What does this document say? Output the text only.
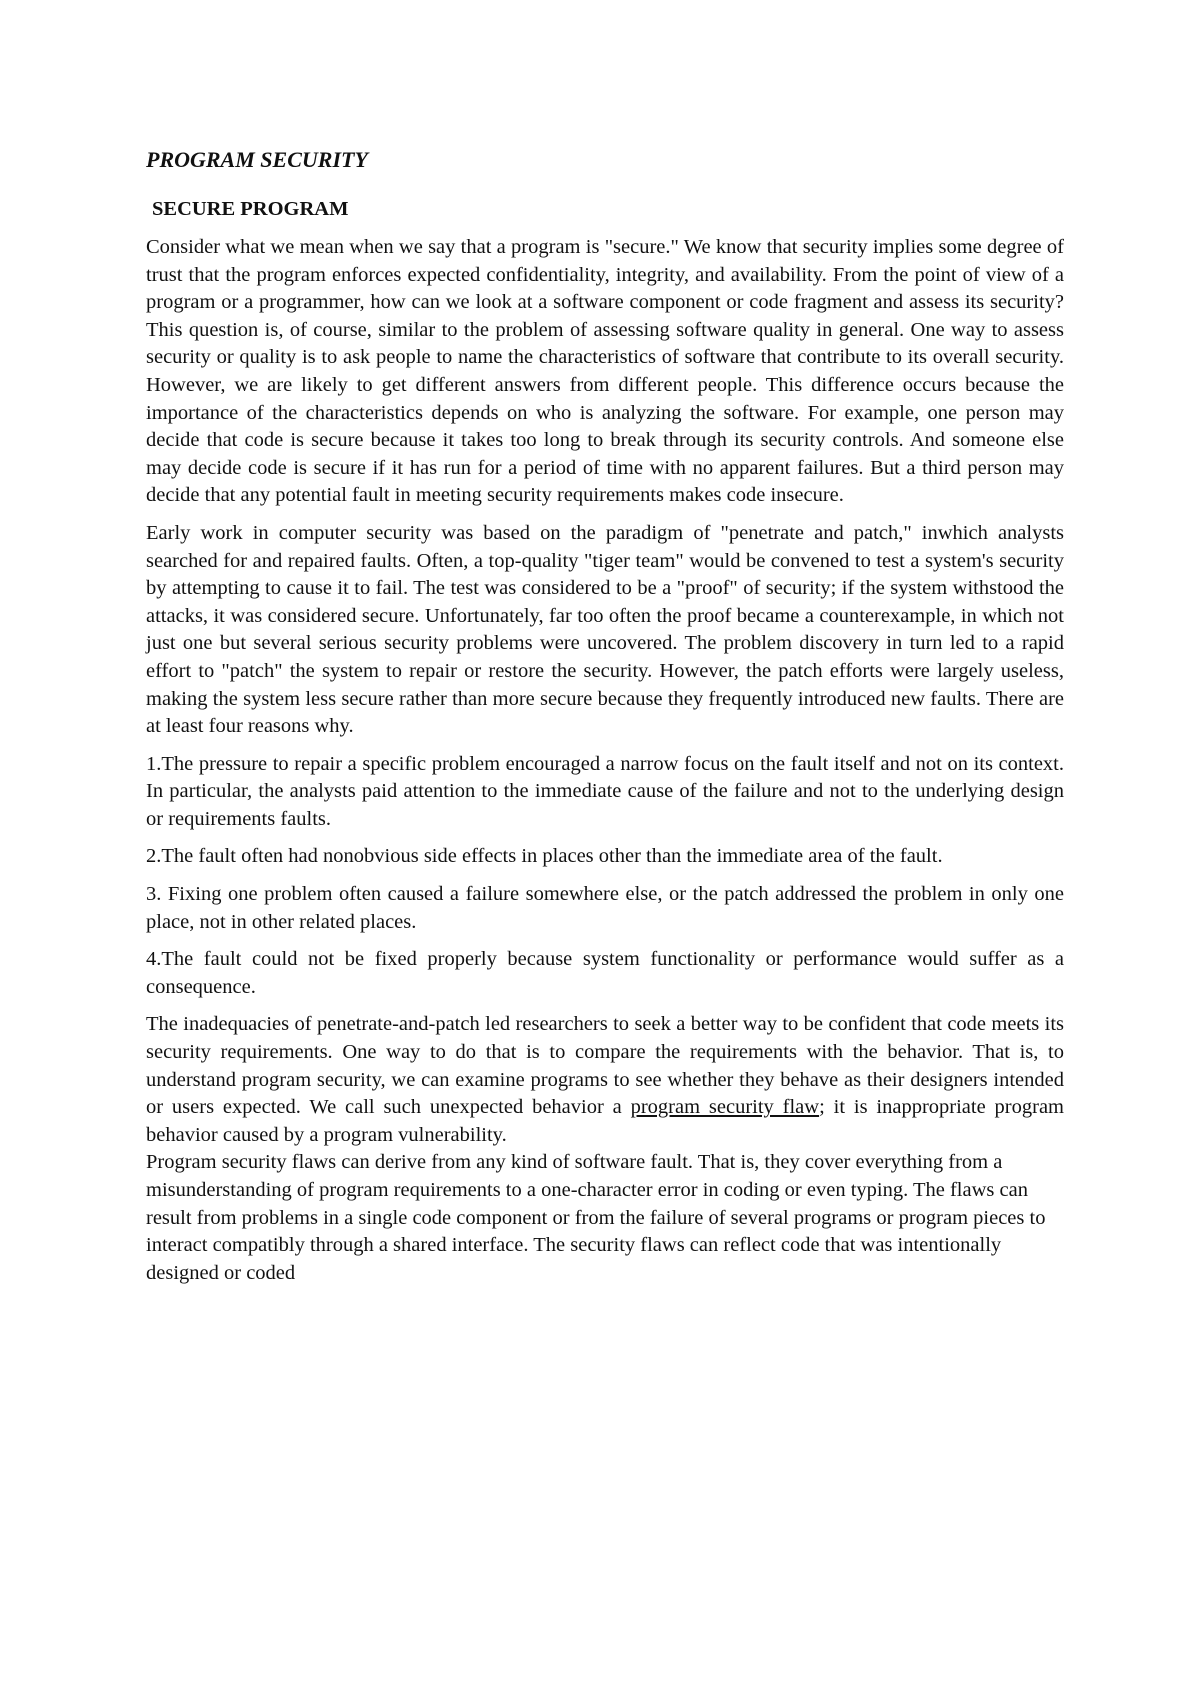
PROGRAM SECURITY
SECURE PROGRAM

Consider what we mean when we say that a program is "secure." We know that security implies some degree of trust that the program enforces expected confidentiality, integrity, and availability. From the point of view of a program or a programmer, how can we look at a software component or code fragment and assess its security? This question is, of course, similar to the problem of assessing software quality in general. One way to assess security or quality is to ask people to name the characteristics of software that contribute to its overall security. However, we are likely to get different answers from different people. This difference occurs because the importance of the characteristics depends on who is analyzing the software. For example, one person may decide that code is secure because it takes too long to break through its security controls. And someone else may decide code is secure if it has run for a period of time with no apparent failures. But a third person may decide that any potential fault in meeting security requirements makes code insecure.

Early work in computer security was based on the paradigm of "penetrate and patch," inwhich analysts searched for and repaired faults. Often, a top-quality "tiger team" would be convened to test a system's security by attempting to cause it to fail. The test was considered to be a "proof" of security; if the system withstood the attacks, it was considered secure. Unfortunately, far too often the proof became a counterexample, in which not just one but several serious security problems were uncovered. The problem discovery in turn led to a rapid effort to "patch" the system to repair or restore the security. However, the patch efforts were largely useless, making the system less secure rather than more secure because they frequently introduced new faults. There are at least four reasons why.

1.The pressure to repair a specific problem encouraged a narrow focus on the fault itself and not on its context. In particular, the analysts paid attention to the immediate cause of the failure and not to the underlying design or requirements faults.

2.The fault often had nonobvious side effects in places other than the immediate area of the fault.

3. Fixing one problem often caused a failure somewhere else, or the patch addressed the problem in only one place, not in other related places.

4.The fault could not be fixed properly because system functionality or performance would suffer as a consequence.

The inadequacies of penetrate-and-patch led researchers to seek a better way to be confident that code meets its security requirements. One way to do that is to compare the requirements with the behavior. That is, to understand program security, we can examine programs to see whether they behave as their designers intended or users expected. We call such unexpected behavior a program security flaw; it is inappropriate program behavior caused by a program vulnerability.

Program security flaws can derive from any kind of software fault. That is, they cover everything from a misunderstanding of program requirements to a one-character error in coding or even typing. The flaws can result from problems in a single code component or from the failure of several programs or program pieces to interact compatibly through a shared interface. The security flaws can reflect code that was intentionally designed or coded
